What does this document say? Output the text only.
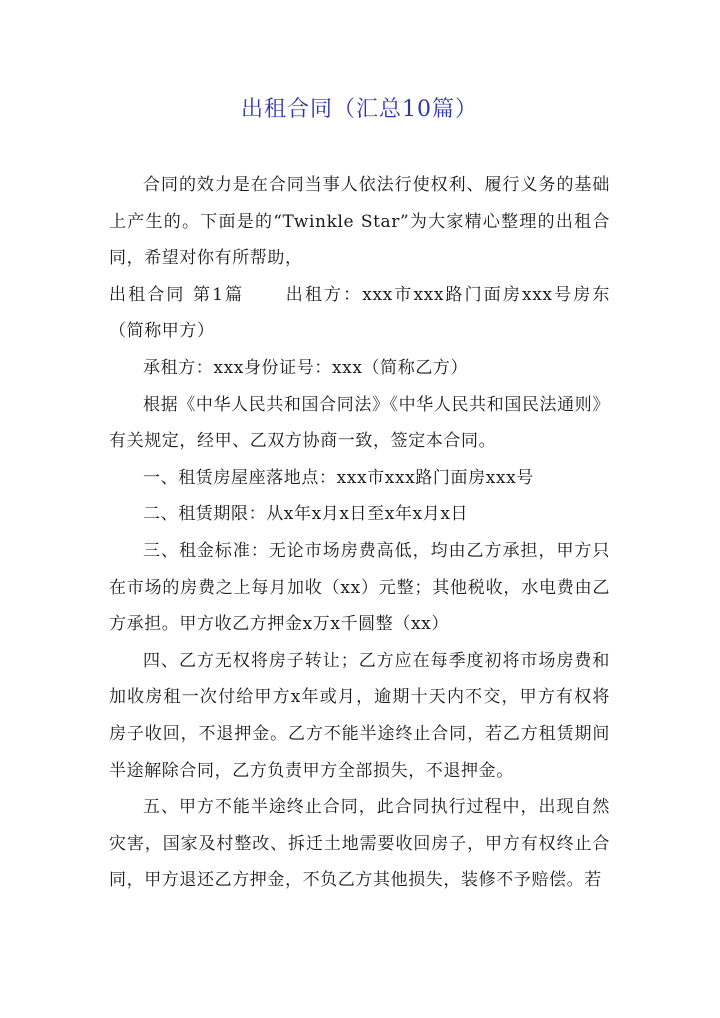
出租合同（汇总10篇）

合同的效力是在合同当事人依法行使权利、履行义务的基础上产生的。下面是的“Twinkle Star”为大家精心整理的出租合同，希望对你有所帮助，

出租合同 第1篇 出租方：xxx市xxx路门面房xxx号房东（简称甲方）

承租方：xxx身份证号：xxx（简称乙方）

根据《中华人民共和国合同法》《中华人民共和国民法通则》有关规定，经甲、乙双方协商一致，签定本合同。

一、租赁房屋座落地点：xxx市xxx路门面房xxx号

二、租赁期限：从x年x月x日至x年x月x日

三、租金标准：无论市场房费高低，均由乙方承担，甲方只在市场的房费之上每月加收（xx）元整；其他税收，水电费由乙方承担。甲方收乙方押金x万x千圆整（xx）

四、乙方无权将房子转让；乙方应在每季度初将市场房费和加收房租一次付给甲方x年或月，逾期十天内不交，甲方有权将房子收回，不退押金。乙方不能半途终止合同，若乙方租赁期间半途解除合同，乙方负责甲方全部损失，不退押金。

五、甲方不能半途终止合同，此合同执行过程中，出现自然灾害，国家及村整改、拆迁土地需要收回房子，甲方有权终止合同，甲方退还乙方押金，不负乙方其他损失，装修不予赔偿。若
